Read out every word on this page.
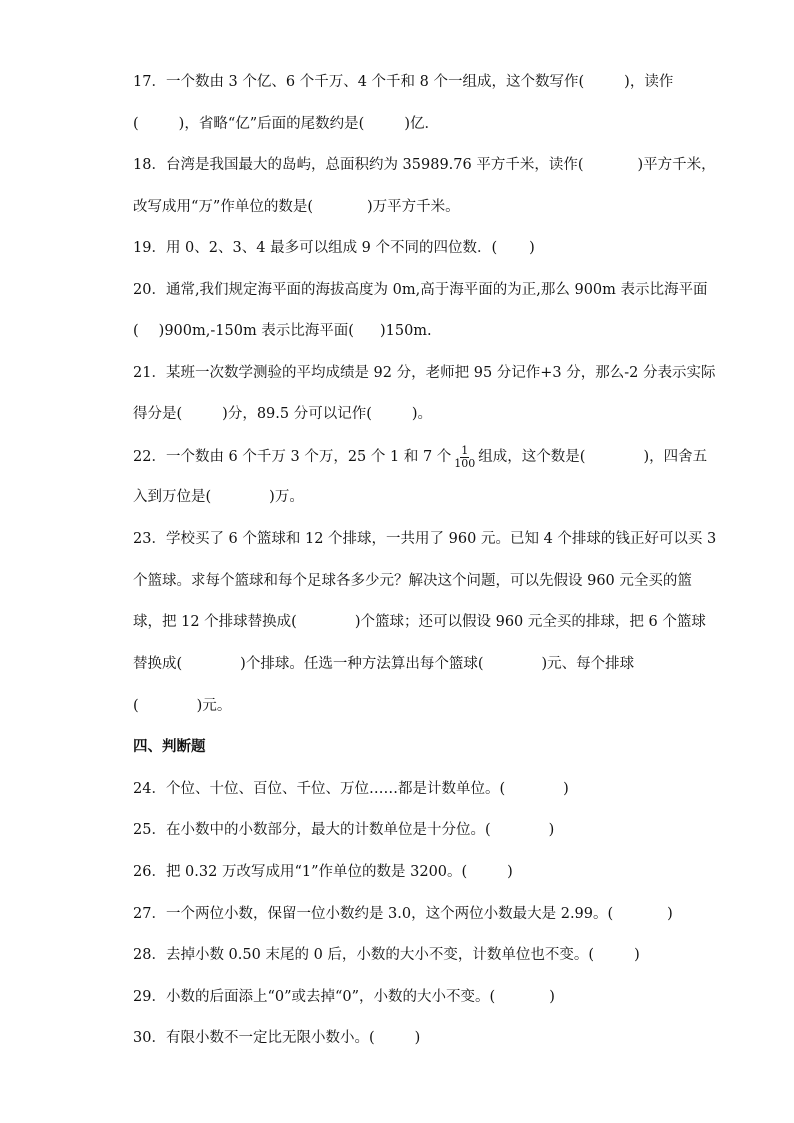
17．一个数由 3 个亿、6 个千万、4 个千和 8 个一组成，这个数写作(	)，读作
(	)，省略“亿”后面的尾数约是(	)亿．
18．台湾是我国最大的岛屿，总面积约为 35989.76 平方千米，读作(	)平方千米，
改写成用“万”作单位的数是(	)万平方千米。
19．用 0、2、3、4 最多可以组成 9 个不同的四位数．( )
20．通常,我们规定海平面的海拔高度为 0m,高于海平面的为正,那么 900m 表示比海平面
( )900m,-150m 表示比海平面( )150m.
21．某班一次数学测验的平均成绩是 92 分，老师把 95 分记作+3 分，那么-2 分表示实际
得分是(	)分，89.5 分可以记作(	)。
22．一个数由 6 个千万 3 个万，25 个 1 和 7 个 $\frac{1}{100}$ 组成，这个数是(	)，四舍五
入到万位是(	)万。
23．学校买了 6 个篮球和 12 个排球，一共用了 960 元。已知 4 个排球的钱正好可以买 3
个篮球。求每个篮球和每个足球各多少元？解决这个问题，可以先假设 960 元全买的篮
球，把 12 个排球替换成(	)个篮球；还可以假设 960 元全买的排球，把 6 个篮球
替换成(	)个排球。任选一种方法算出每个篮球(	)元、每个排球
(	)元。
四、判断题
24．个位、十位、百位、千位、万位……都是计数单位。(	)
25．在小数中的小数部分，最大的计数单位是十分位。(	)
26．把 0.32 万改写成用“1”作单位的数是 3200。(	)
27．一个两位小数，保留一位小数约是 3.0，这个两位小数最大是 2.99。(	)
28．去掉小数 0.50 末尾的 0 后，小数的大小不变，计数单位也不变。(	)
29．小数的后面添上“0”或去掉“0”，小数的大小不变。(	)
30．有限小数不一定比无限小数小。(	)
